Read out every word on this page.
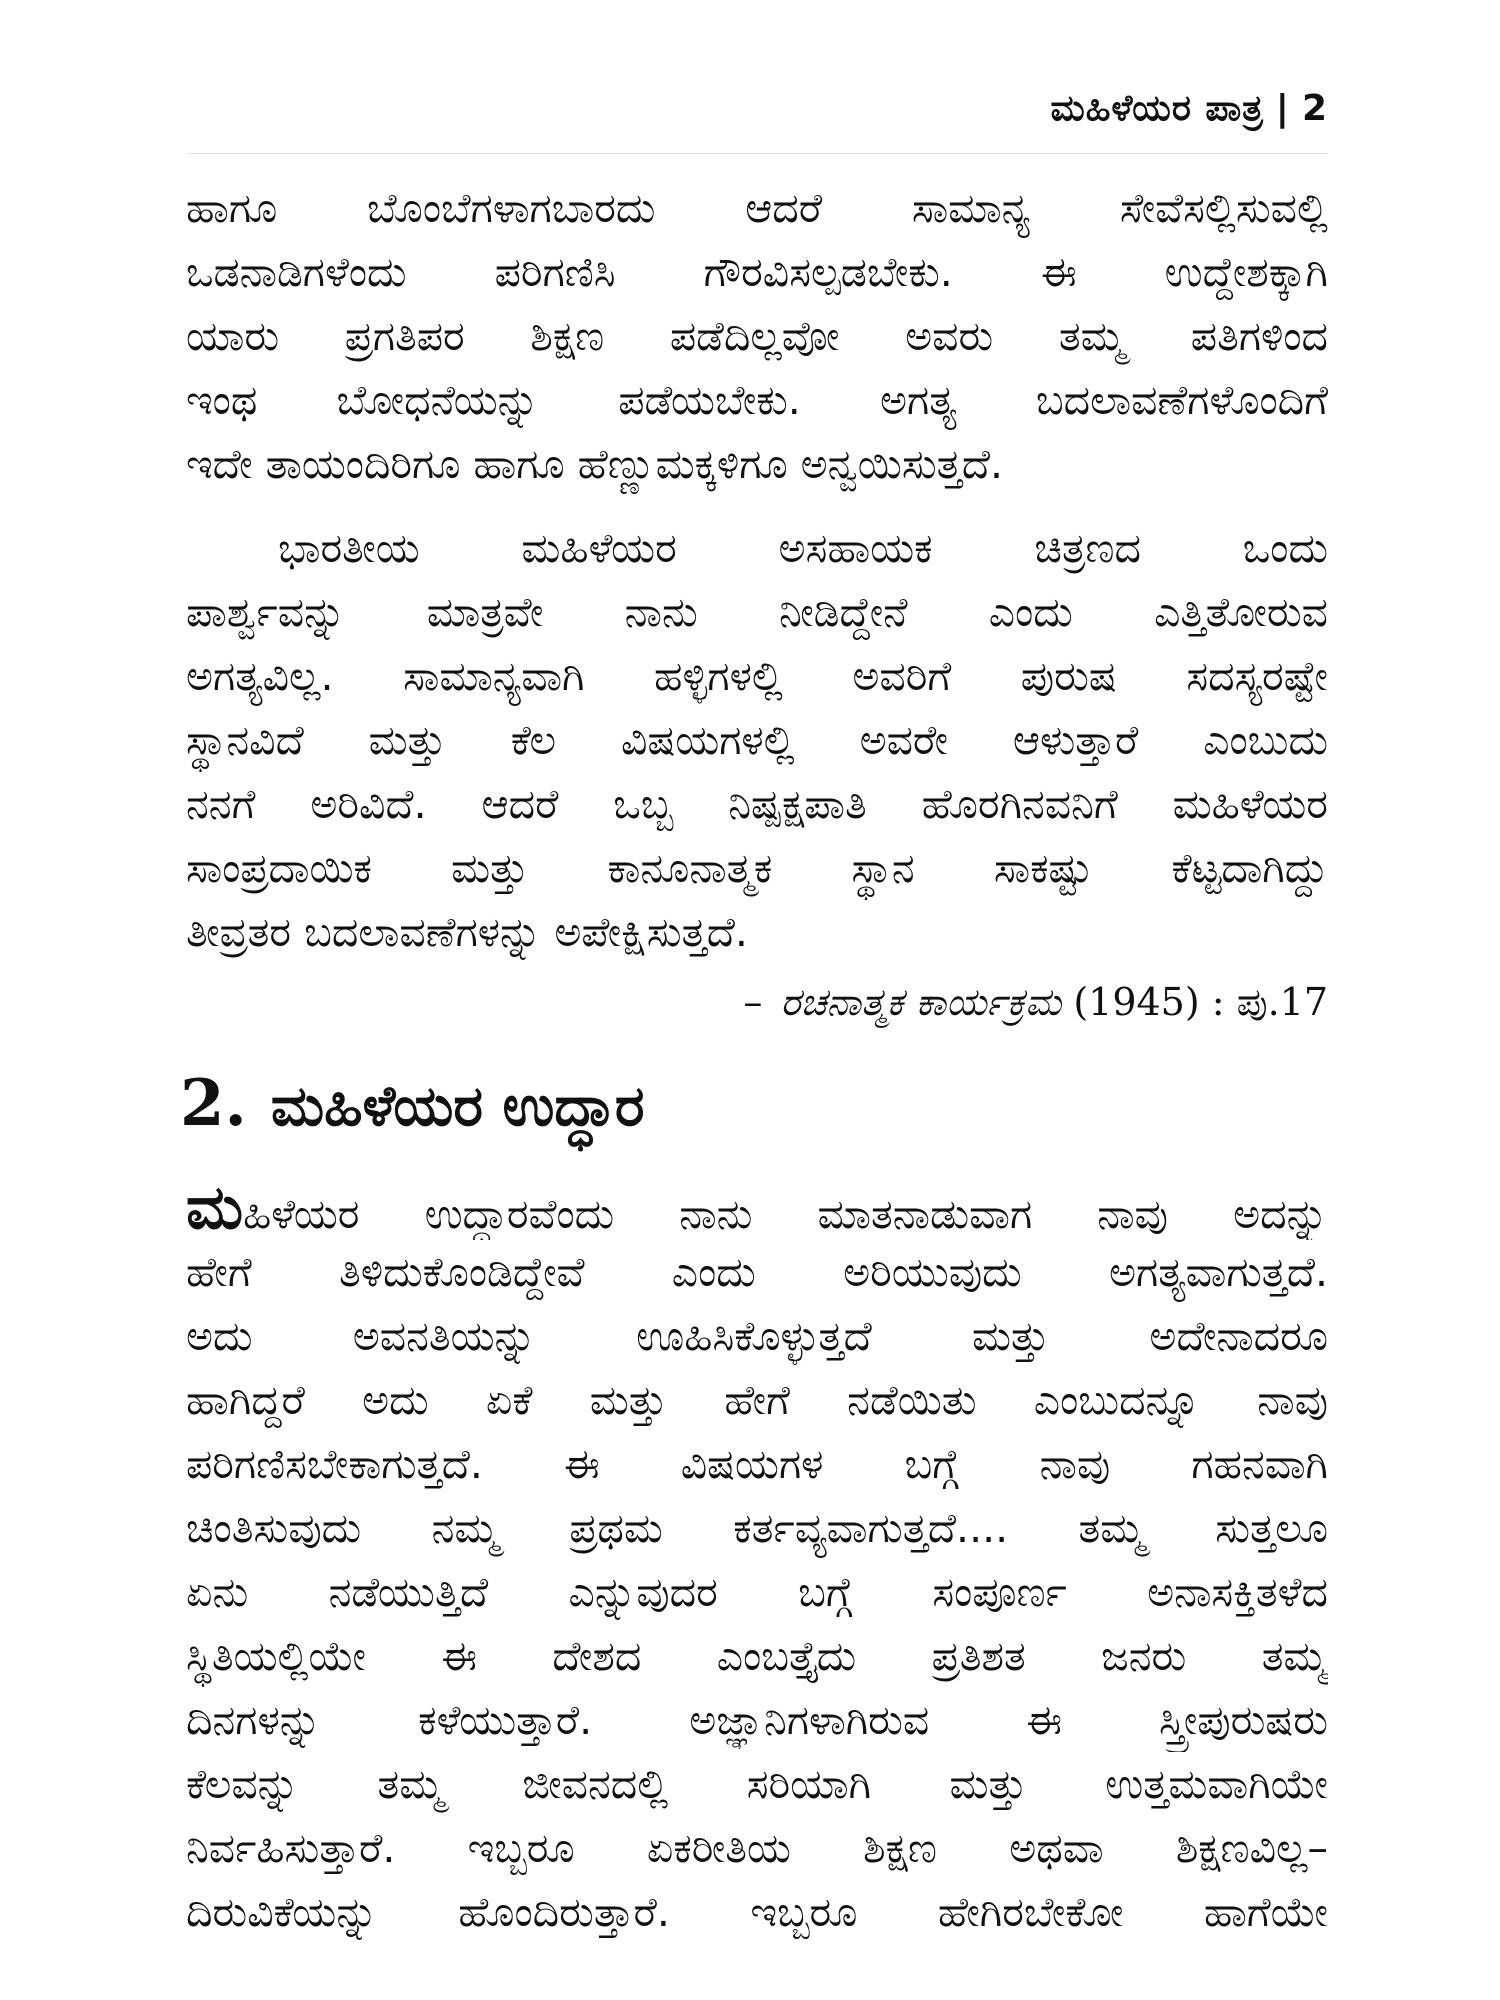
ಮಹಿಳೆಯರ ಪಾತ್ರ | 2
ಹಾಗೂ ಬೊಂಬೆಗಳಾಗಬಾರದು ಆದರೆ ಸಾಮಾನ್ಯ ಸೇವೆಸಲ್ಲಿಸುವಲ್ಲಿ
ಒಡನಾಡಿಗಳೆಂದು ಪರಿಗಣಿಸಿ ಗೌರವಿಸಲ್ಪಡಬೇಕು. ಈ ಉದ್ದೇಶಕ್ಕಾಗಿ
ಯಾರು ಪ್ರಗತಿಪರ ಶಿಕ್ಷಣ ಪಡೆದಿಲ್ಲವೋ ಅವರು ತಮ್ಮ ಪತಿಗಳಿಂದ
ಇಂಥ ಬೋಧನೆಯನ್ನು ಪಡೆಯಬೇಕು. ಅಗತ್ಯ ಬದಲಾವಣೆಗಳೊಂದಿಗೆ
ಇದೇ ತಾಯಂದಿರಿಗೂ ಹಾಗೂ ಹೆಣ್ಣುಮಕ್ಕಳಿಗೂ ಅನ್ವಯಿಸುತ್ತದೆ.
ಭಾರತೀಯ ಮಹಿಳೆಯರ ಅಸಹಾಯಕ ಚಿತ್ರಣದ ಒಂದು
ಪಾರ್ಶ್ವವನ್ನು ಮಾತ್ರವೇ ನಾನು ನೀಡಿದ್ದೇನೆ ಎಂದು ಎತ್ತಿತೋರುವ
ಅಗತ್ಯವಿಲ್ಲ. ಸಾಮಾನ್ಯವಾಗಿ ಹಳ್ಳಿಗಳಲ್ಲಿ ಅವರಿಗೆ ಪುರುಷ ಸದಸ್ಯರಷ್ಟೇ
ಸ್ಥಾನವಿದೆ ಮತ್ತು ಕೆಲ ವಿಷಯಗಳಲ್ಲಿ ಅವರೇ ಆಳುತ್ತಾರೆ ಎಂಬುದು
ನನಗೆ ಅರಿವಿದೆ. ಆದರೆ ಒಬ್ಬ ನಿಷ್ಪಕ್ಷಪಾತಿ ಹೊರಗಿನವನಿಗೆ ಮಹಿಳೆಯರ
ಸಾಂಪ್ರದಾಯಿಕ ಮತ್ತು ಕಾನೂನಾತ್ಮಕ ಸ್ಥಾನ ಸಾಕಷ್ಟು ಕೆಟ್ಟದಾಗಿದ್ದು
ತೀವ್ರತರ ಬದಲಾವಣೆಗಳನ್ನು ಅಪೇಕ್ಷಿಸುತ್ತದೆ.
– ರಚನಾತ್ಮಕ ಕಾರ್ಯಕ್ರಮ (1945) : ಪು.17
2. ಮಹಿಳೆಯರ ಉದ್ಧಾರ
ಮಹಿಳೆಯರ ಉದ್ಧಾರವೆಂದು ನಾನು ಮಾತನಾಡುವಾಗ ನಾವು ಅದನ್ನು
ಹೇಗೆ ತಿಳಿದುಕೊಂಡಿದ್ದೇವೆ ಎಂದು ಅರಿಯುವುದು ಅಗತ್ಯವಾಗುತ್ತದೆ.
ಅದು ಅವನತಿಯನ್ನು ಊಹಿಸಿಕೊಳ್ಳುತ್ತದೆ ಮತ್ತು ಅದೇನಾದರೂ
ಹಾಗಿದ್ದರೆ ಅದು ಏಕೆ ಮತ್ತು ಹೇಗೆ ನಡೆಯಿತು ಎಂಬುದನ್ನೂ ನಾವು
ಪರಿಗಣಿಸಬೇಕಾಗುತ್ತದೆ. ಈ ವಿಷಯಗಳ ಬಗ್ಗೆ ನಾವು ಗಹನವಾಗಿ
ಚಿಂತಿಸುವುದು ನಮ್ಮ ಪ್ರಥಮ ಕರ್ತವ್ಯವಾಗುತ್ತದೆ.... ತಮ್ಮ ಸುತ್ತಲೂ
ಏನು ನಡೆಯುತ್ತಿದೆ ಎನ್ನುವುದರ ಬಗ್ಗೆ ಸಂಪೂರ್ಣ ಅನಾಸಕ್ತಿತಳೆದ
ಸ್ಥಿತಿಯಲ್ಲಿಯೇ ಈ ದೇಶದ ಎಂಬತ್ತೈದು ಪ್ರತಿಶತ ಜನರು ತಮ್ಮ
ದಿನಗಳನ್ನು ಕಳೆಯುತ್ತಾರೆ. ಅಜ್ಞಾನಿಗಳಾಗಿರುವ ಈ ಸ್ತ್ರೀಪುರುಷರು
ಕೆಲವನ್ನು ತಮ್ಮ ಜೀವನದಲ್ಲಿ ಸರಿಯಾಗಿ ಮತ್ತು ಉತ್ತಮವಾಗಿಯೇ
ನಿರ್ವಹಿಸುತ್ತಾರೆ. ಇಬ್ಬರೂ ಏಕರೀತಿಯ ಶಿಕ್ಷಣ ಅಥವಾ ಶಿಕ್ಷಣವಿಲ್ಲ–
ದಿರುವಿಕೆಯನ್ನು ಹೊಂದಿರುತ್ತಾರೆ. ಇಬ್ಬರೂ ಹೇಗಿರಬೇಕೋ ಹಾಗೆಯೇ
